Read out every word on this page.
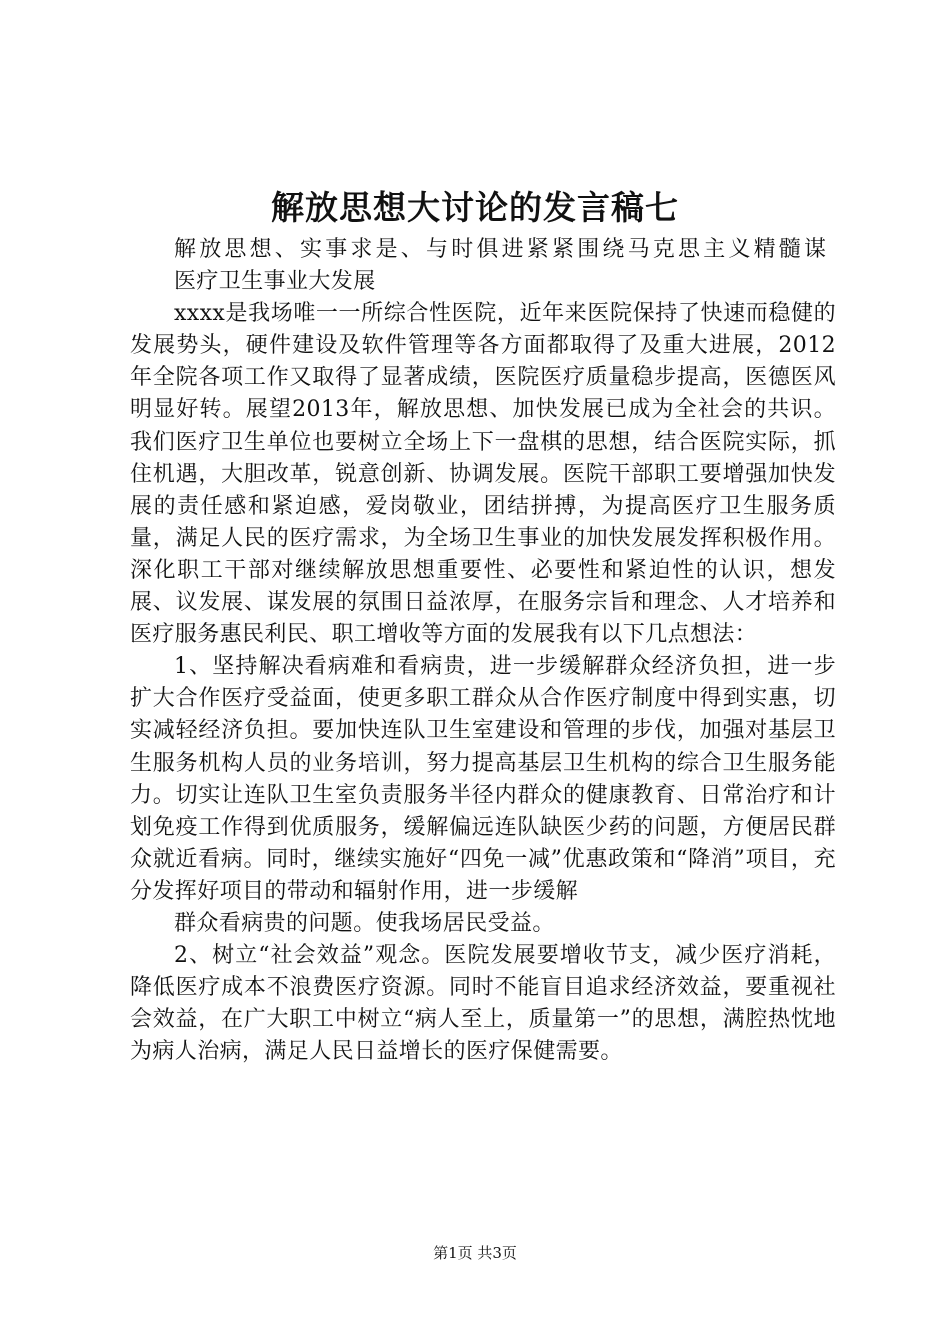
解放思想大讨论的发言稿七

解放思想、实事求是、与时俱进紧紧围绕马克思主义精髓谋

医疗卫生事业大发展

xxxx是我场唯一一所综合性医院，近年来医院保持了快速而稳健的发展势头，硬件建设及软件管理等各方面都取得了及重大进展，2012年全院各项工作又取得了显著成绩，医院医疗质量稳步提高，医德医风明显好转。展望2013年，解放思想、加快发展已成为全社会的共识。我们医疗卫生单位也要树立全场上下一盘棋的思想，结合医院实际，抓住机遇，大胆改革，锐意创新、协调发展。医院干部职工要增强加快发展的责任感和紧迫感，爱岗敬业，团结拼搏，为提高医疗卫生服务质量，满足人民的医疗需求，为全场卫生事业的加快发展发挥积极作用。深化职工干部对继续解放思想重要性、必要性和紧迫性的认识，想发展、议发展、谋发展的氛围日益浓厚，在服务宗旨和理念、人才培养和医疗服务惠民利民、职工增收等方面的发展我有以下几点想法：

1、坚持解决看病难和看病贵，进一步缓解群众经济负担，进一步扩大合作医疗受益面，使更多职工群众从合作医疗制度中得到实惠，切实减轻经济负担。要加快连队卫生室建设和管理的步伐，加强对基层卫生服务机构人员的业务培训，努力提高基层卫生机构的综合卫生服务能力。切实让连队卫生室负责服务半径内群众的健康教育、日常治疗和计划免疫工作得到优质服务，缓解偏远连队缺医少药的问题，方便居民群众就近看病。同时，继续实施好“四免一减”优惠政策和“降消”项目，充分发挥好项目的带动和辐射作用，进一步缓解

群众看病贵的问题。使我场居民受益。

2、树立“社会效益”观念。医院发展要增收节支，减少医疗消耗，降低医疗成本不浪费医疗资源。同时不能盲目追求经济效益，要重视社会效益，在广大职工中树立“病人至上，质量第一”的思想，满腔热忱地为病人治病，满足人民日益增长的医疗保健需要。

第1页 共3页
